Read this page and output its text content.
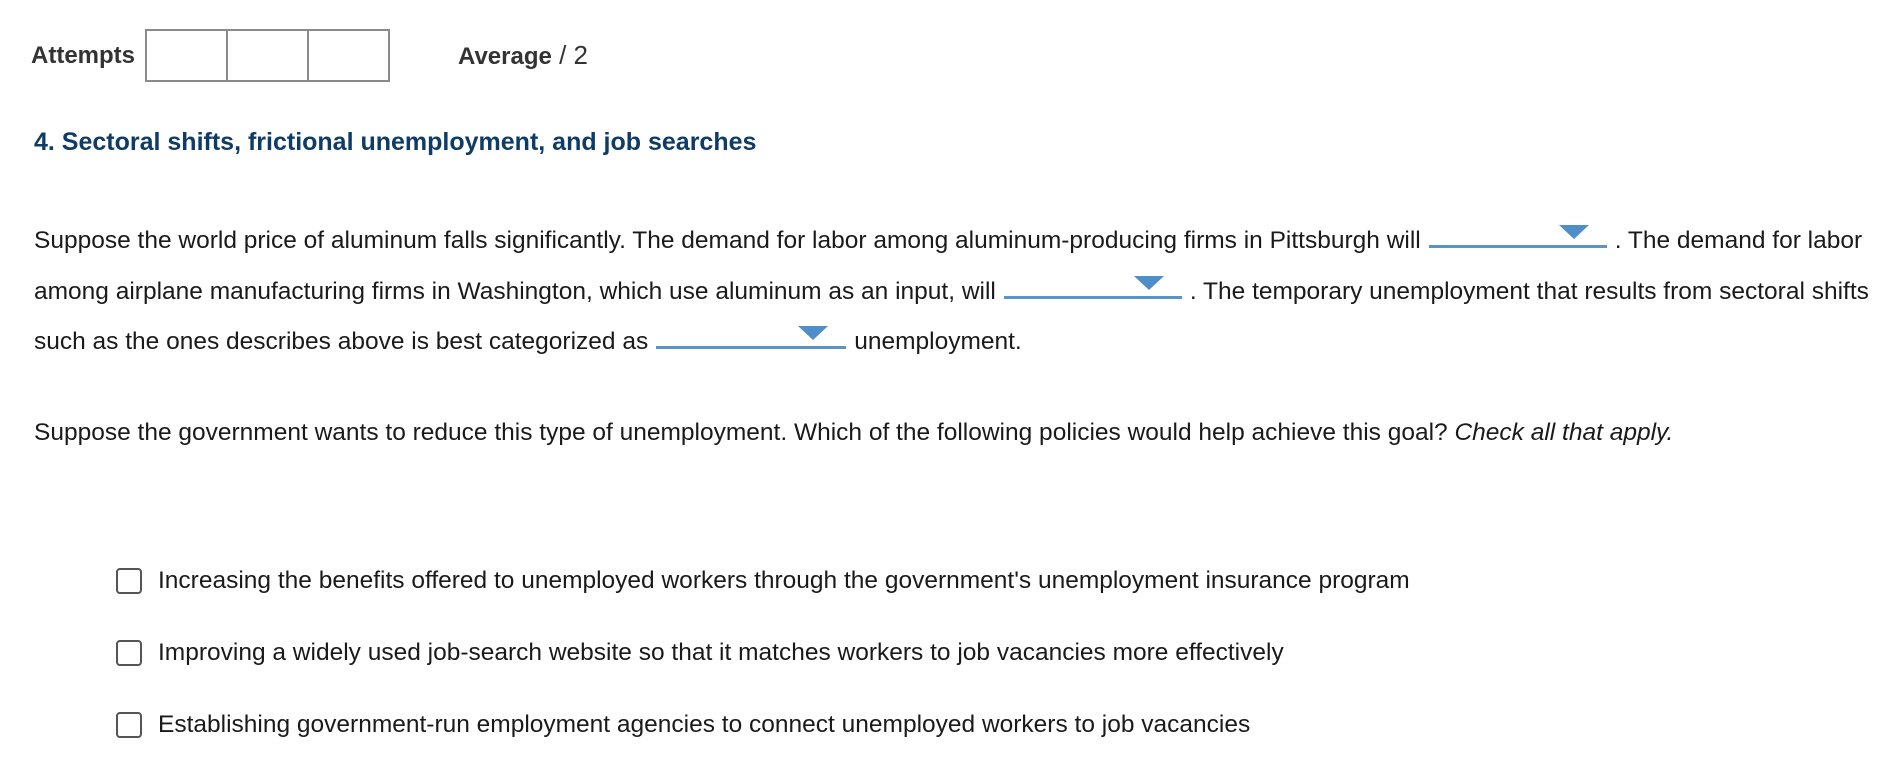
Attempts	Average / 2
4. Sectoral shifts, frictional unemployment, and job searches

Suppose the world price of aluminum falls significantly. The demand for labor among aluminum-producing firms in Pittsburgh will	. The demand for labor among airplane manufacturing firms in Washington, which use aluminum as an input, will	. The temporary unemployment that results from sectoral shifts such as the ones describes above is best categorized as	unemployment.

Suppose the government wants to reduce this type of unemployment. Which of the following policies would help achieve this goal? Check all that apply.

Increasing the benefits offered to unemployed workers through the government's unemployment insurance program
Improving a widely used job-search website so that it matches workers to job vacancies more effectively
Establishing government-run employment agencies to connect unemployed workers to job vacancies
